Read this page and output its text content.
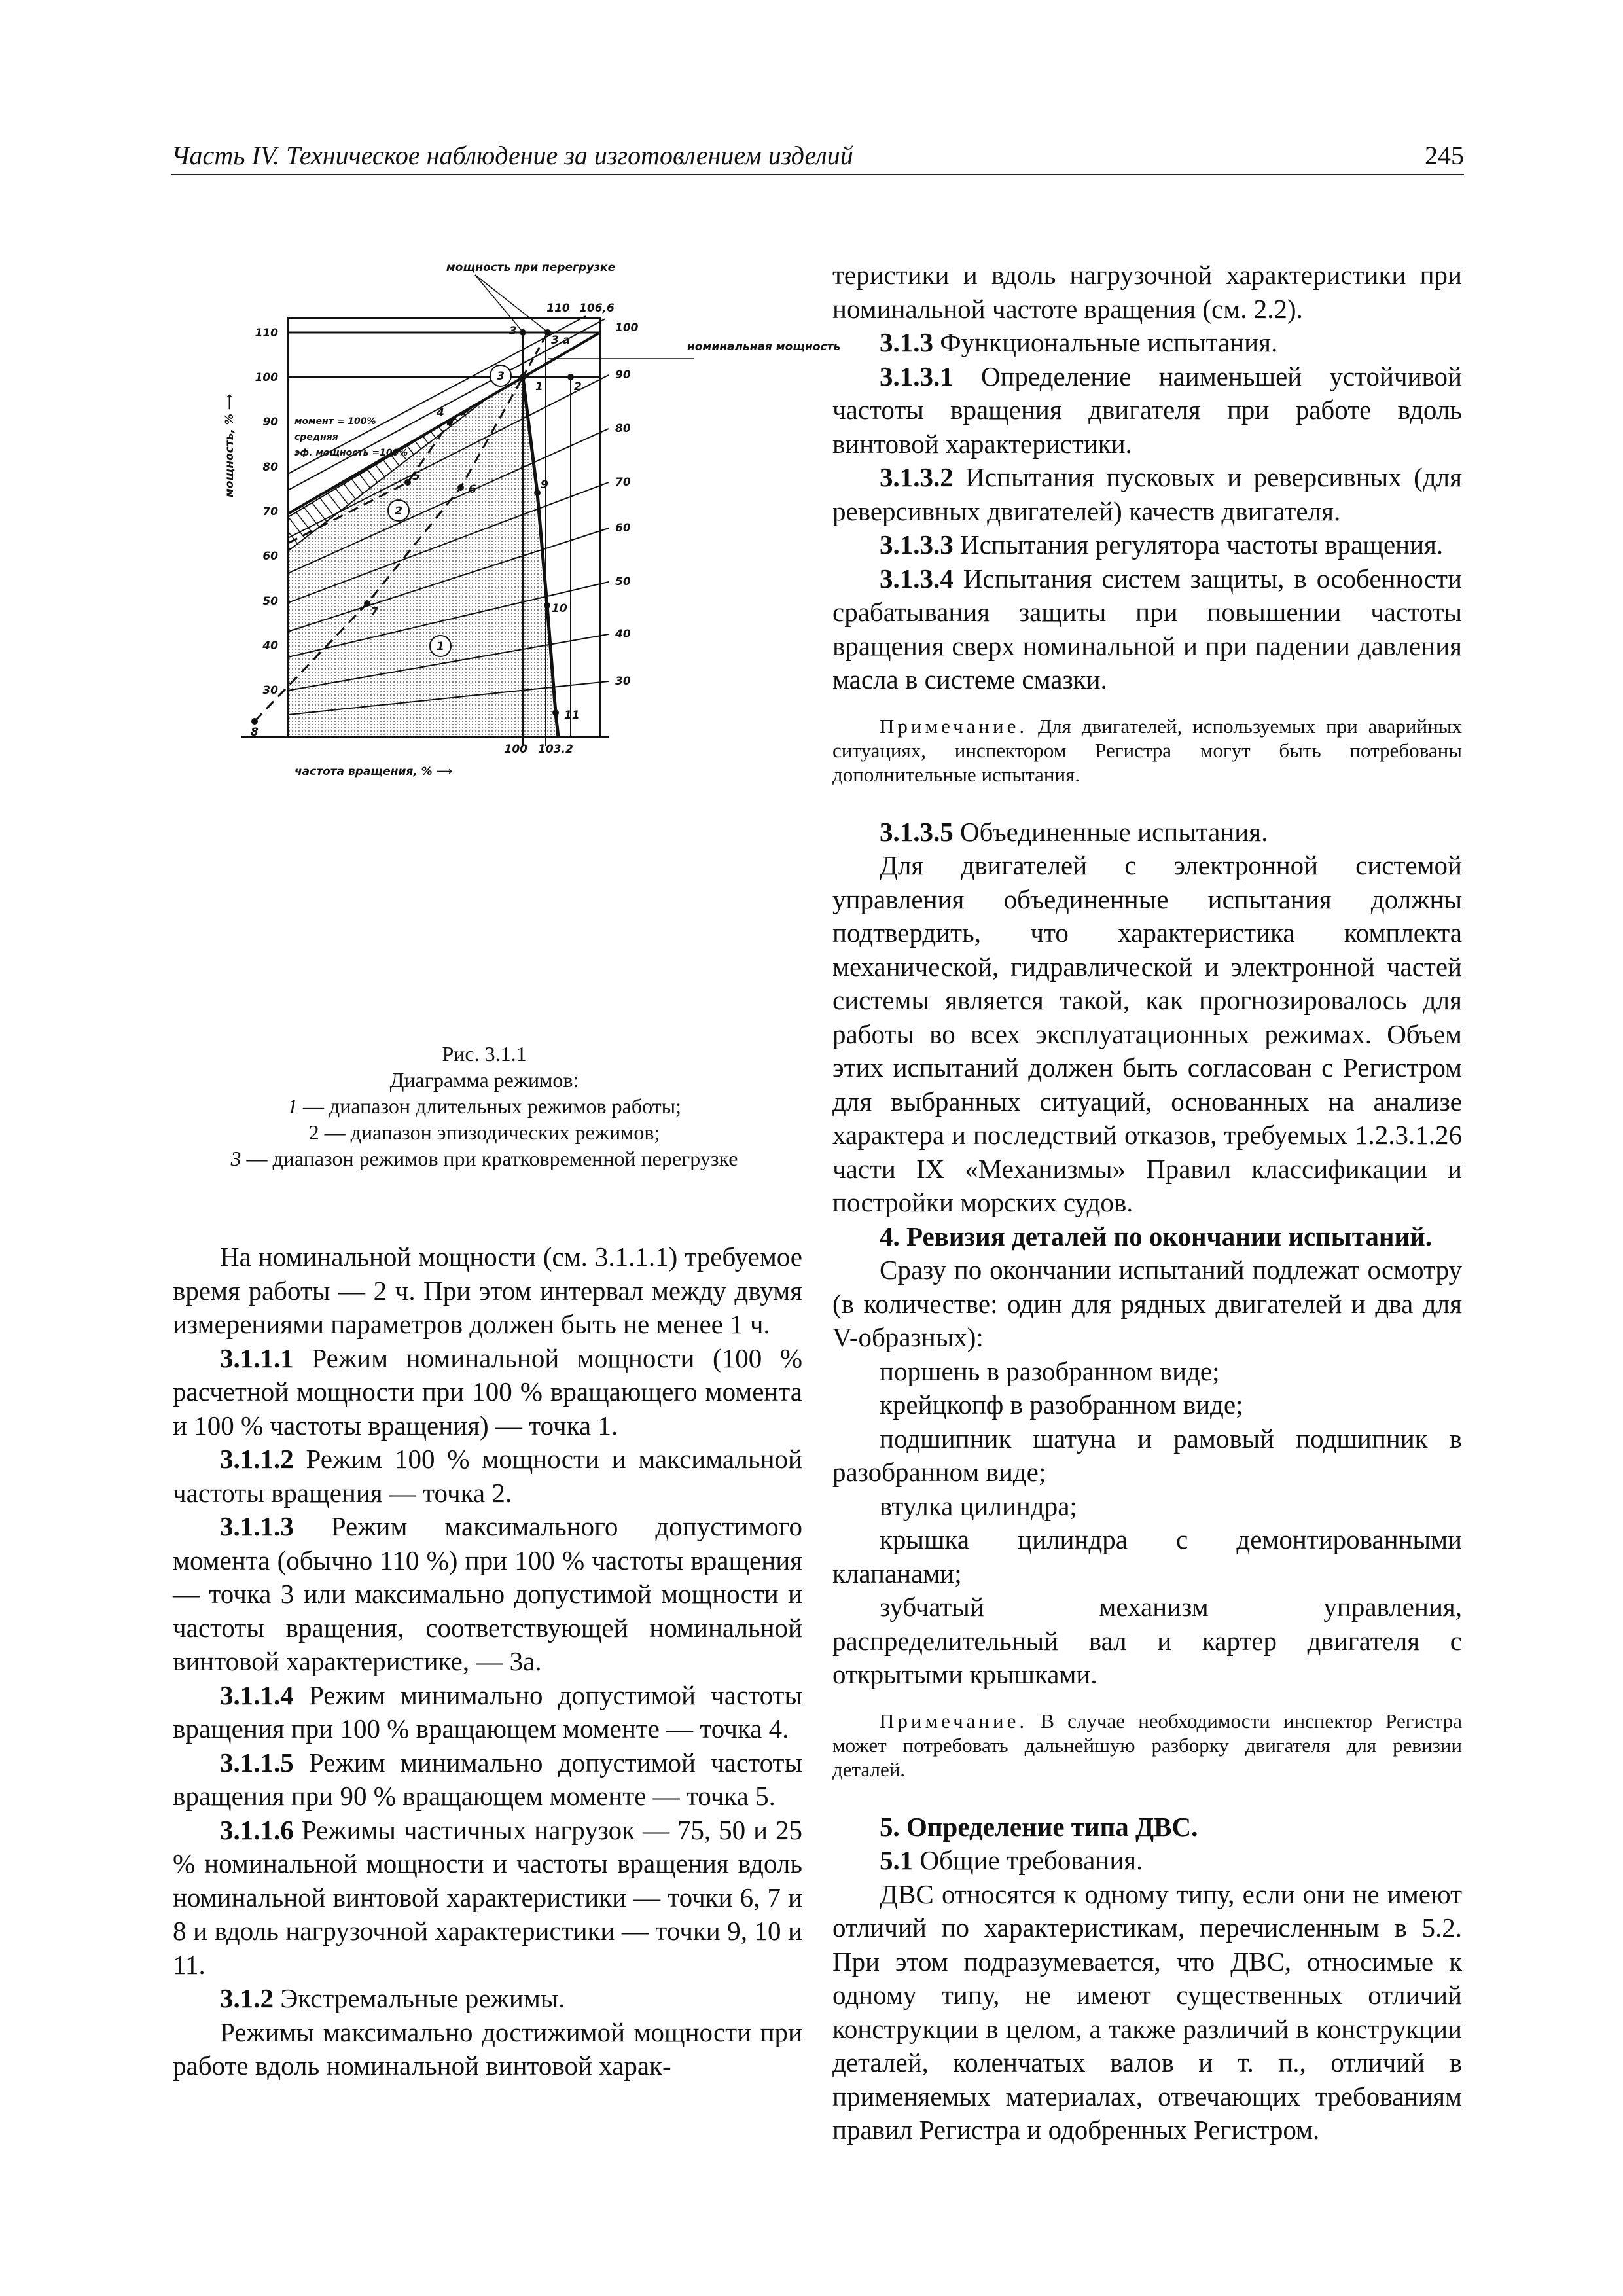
Часть IV. Техническое наблюдение за изготовлением изделий	245
мощность при перегрузке
номинальная мощность
110 106,6
110
100
90
80
70
60
50
40
30
100
90
80
70
60
50
40
30
100 103.2
частота вращения, % ⟶
мощность, % ⟶	момент = 100%
средняя
эф. мощность =100%
1	2
3
3 a
4
5
6
7
8
9
10
11
1
2
3
Рис. 3.1.1
Диаграмма режимов:
1 — диапазон длительных режимов работы;
2 — диапазон эпизодических режимов;
3 — диапазон режимов при кратковременной перегрузке

На номинальной мощности (см. 3.1.1.1) требуемое время работы — 2 ч. При этом интервал между двумя измерениями параметров должен быть не менее 1 ч.

3.1.1.1 Режим номинальной мощности (100 % расчетной мощности при 100 % вращающего момента и 100 % частоты вращения) — точка 1.

3.1.1.2 Режим 100 % мощности и максимальной частоты вращения — точка 2.

3.1.1.3 Режим максимального допустимого момента (обычно 110 %) при 100 % частоты вращения — точка 3 или максимально допустимой мощности и частоты вращения, соответствующей номинальной винтовой характеристике, — 3а.

3.1.1.4 Режим минимально допустимой частоты вращения при 100 % вращающем моменте — точка 4.

3.1.1.5 Режим минимально допустимой частоты вращения при 90 % вращающем моменте — точка 5.

3.1.1.6 Режимы частичных нагрузок — 75, 50 и 25 % номинальной мощности и частоты вращения вдоль номинальной винтовой характеристики — точки 6, 7 и 8 и вдоль нагрузочной характеристики — точки 9, 10 и 11.

3.1.2 Экстремальные режимы.

Режимы максимально достижимой мощности при работе вдоль номинальной винтовой харак-

теристики и вдоль нагрузочной характеристики при номинальной частоте вращения (см. 2.2).

3.1.3 Функциональные испытания.

3.1.3.1 Определение наименьшей устойчивой частоты вращения двигателя при работе вдоль винтовой характеристики.

3.1.3.2 Испытания пусковых и реверсивных (для реверсивных двигателей) качеств двигателя.

3.1.3.3 Испытания регулятора частоты вращения.

3.1.3.4 Испытания систем защиты, в особенности срабатывания защиты при повышении частоты вращения сверх номинальной и при падении давления масла в системе смазки.

Примечание. Для двигателей, используемых при аварийных ситуациях, инспектором Регистра могут быть потребованы дополнительные испытания.

3.1.3.5 Объединенные испытания.

Для двигателей с электронной системой управления объединенные испытания должны подтвердить, что характеристика комплекта механической, гидравлической и электронной частей системы является такой, как прогнозировалось для работы во всех эксплуатационных режимах. Объем этих испытаний должен быть согласован с Регистром для выбранных ситуаций, основанных на анализе характера и последствий отказов, требуемых 1.2.3.1.26 части IX «Механизмы» Правил классификации и постройки морских судов.

4. Ревизия деталей по окончании испытаний.

Сразу по окончании испытаний подлежат осмотру (в количестве: один для рядных двигателей и два для V-образных):

поршень в разобранном виде;

крейцкопф в разобранном виде;

подшипник шатуна и рамовый подшипник в разобранном виде;

втулка цилиндра;

крышка цилиндра с демонтированными клапанами;

зубчатый механизм управления, распределительный вал и картер двигателя с открытыми крышками.

Примечание. В случае необходимости инспектор Регистра может потребовать дальнейшую разборку двигателя для ревизии деталей.

5. Определение типа ДВС.

5.1 Общие требования.

ДВС относятся к одному типу, если они не имеют отличий по характеристикам, перечисленным в 5.2. При этом подразумевается, что ДВС, относимые к одному типу, не имеют существенных отличий конструкции в целом, а также различий в конструкции деталей, коленчатых валов и т. п., отличий в применяемых материалах, отвечающих требованиям правил Регистра и одобренных Регистром.
